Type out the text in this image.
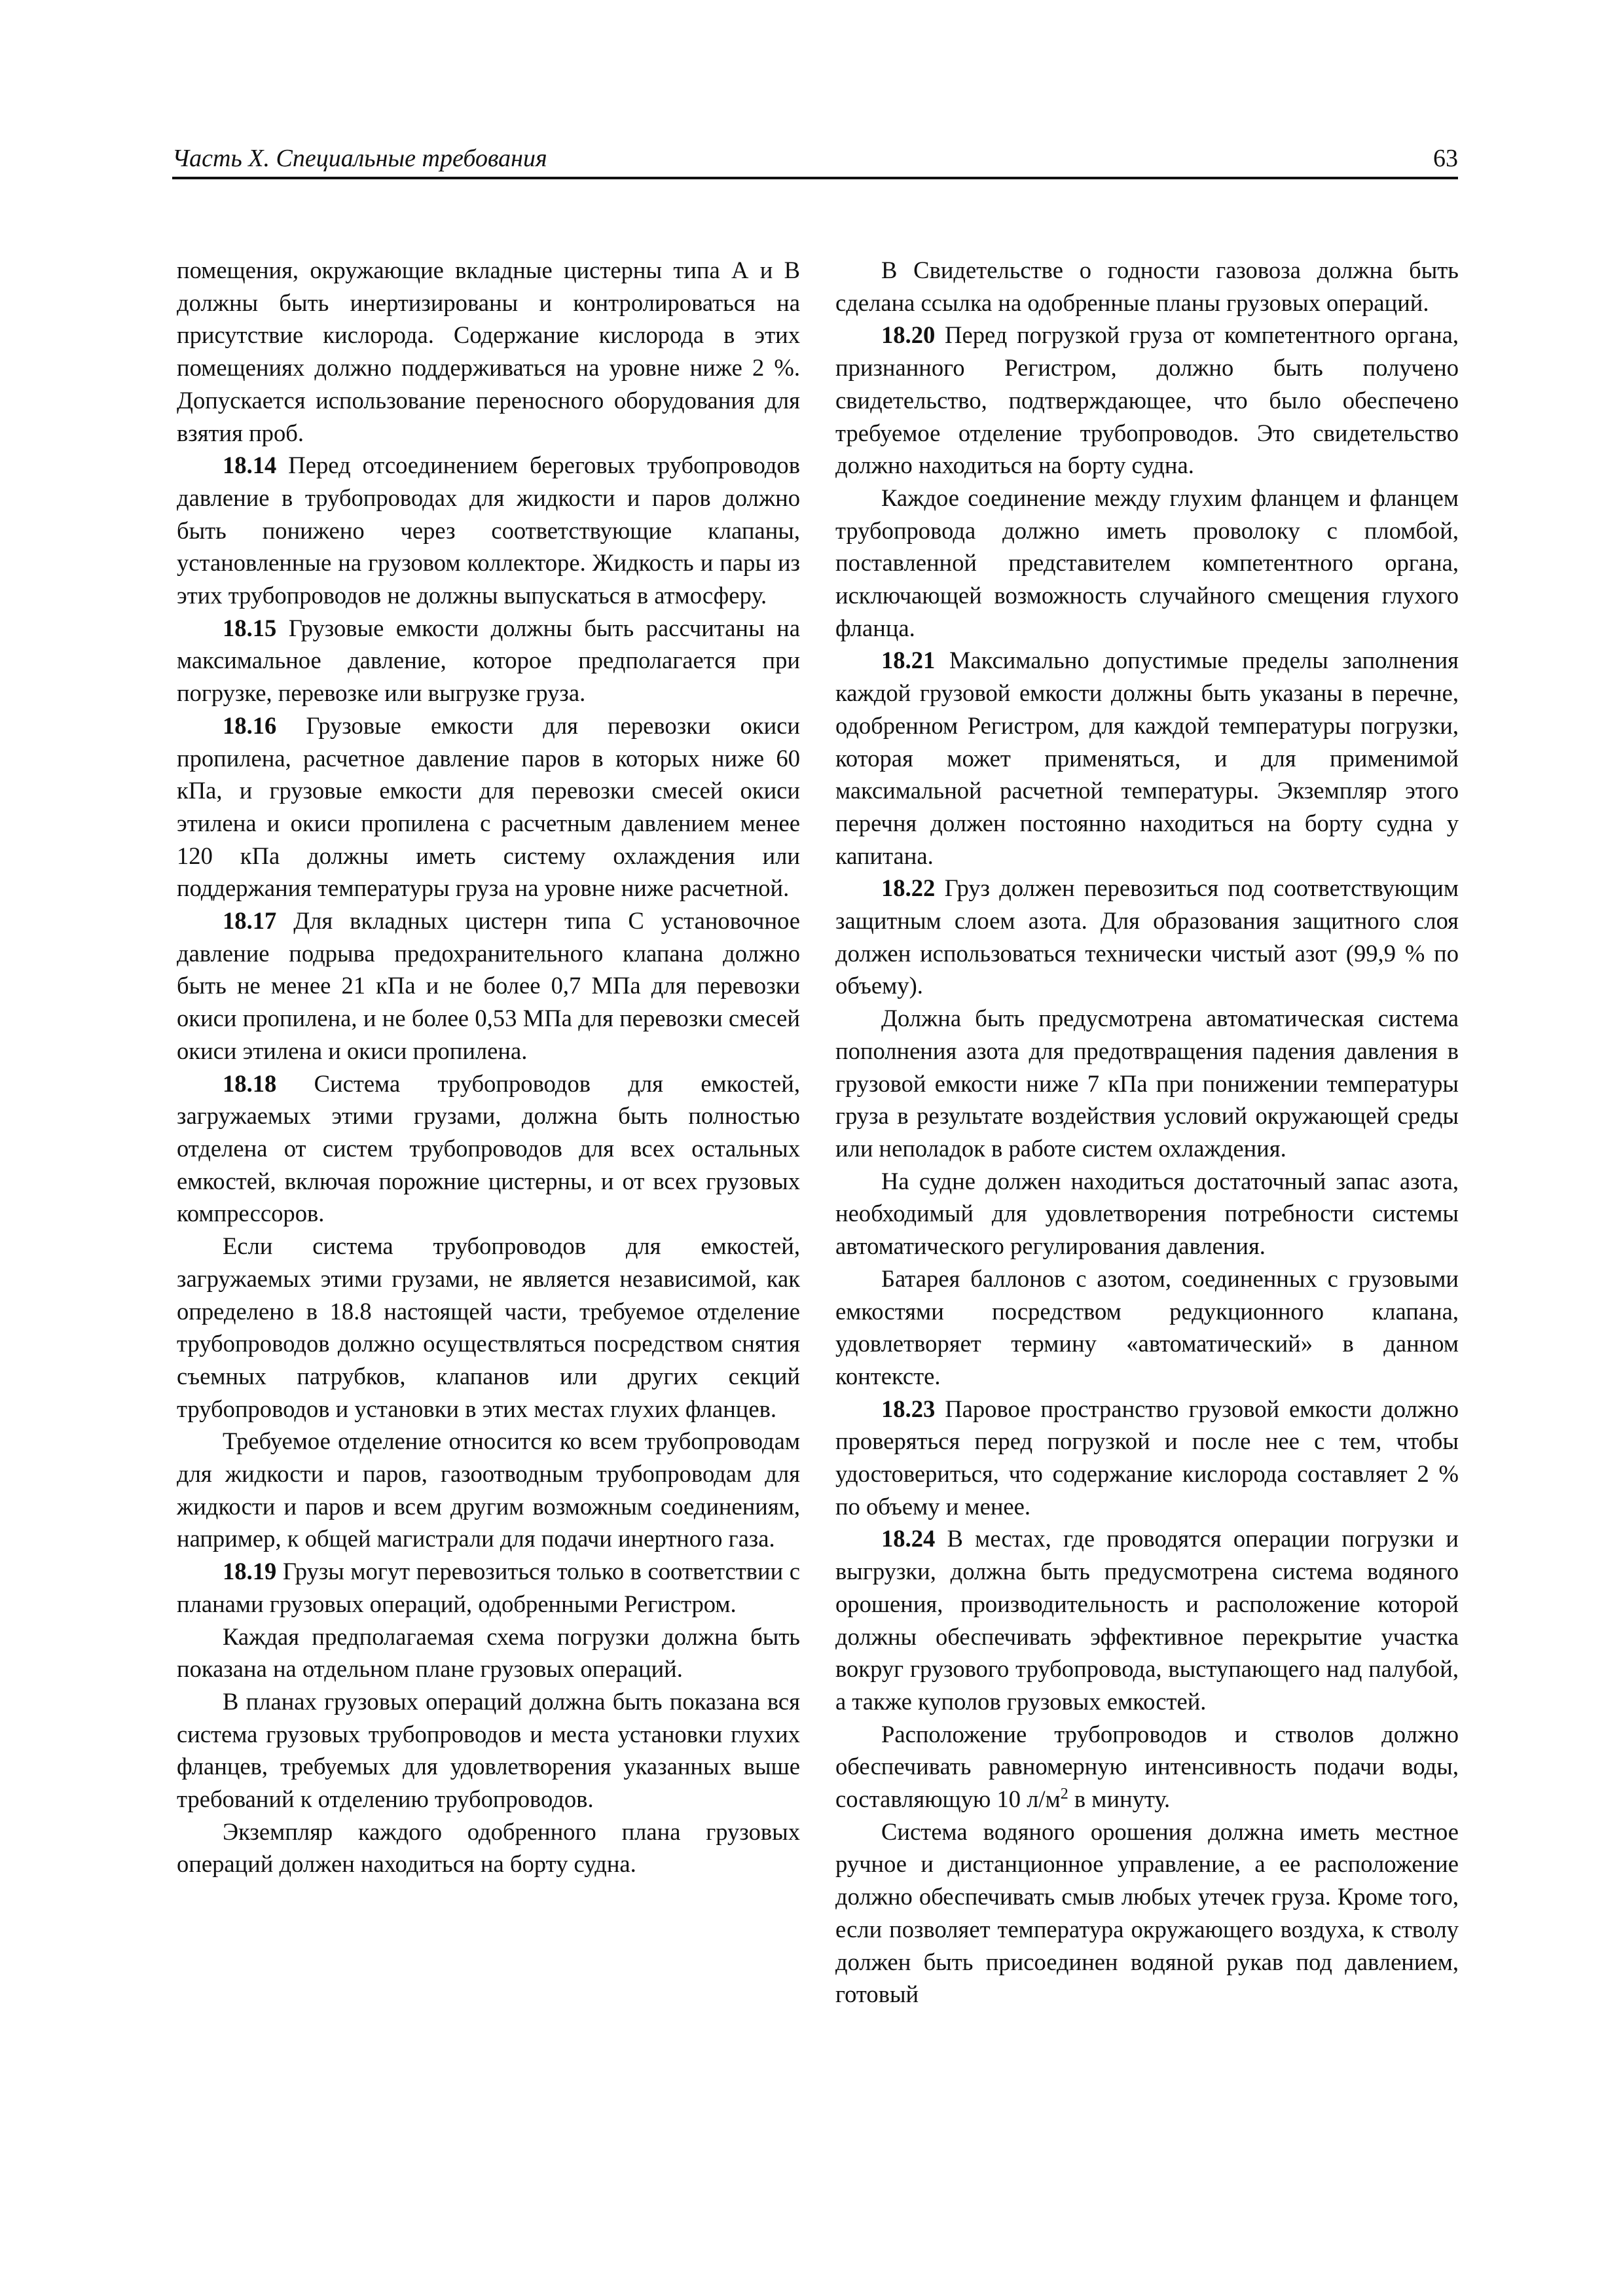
Часть X. Специальные требования	63

помещения, окружающие вкладные цистерны типа А и В должны быть инертизированы и контролироваться на присутствие кислорода. Содержание кислорода в этих помещениях должно поддерживаться на уровне ниже 2 %. Допускается использование переносного оборудования для взятия проб.

18.14 Перед отсоединением береговых трубопроводов давление в трубопроводах для жидкости и паров должно быть понижено через соответствующие клапаны, установленные на грузовом коллекторе. Жидкость и пары из этих трубопроводов не должны выпускаться в атмосферу.

18.15 Грузовые емкости должны быть рассчитаны на максимальное давление, которое предполагается при погрузке, перевозке или выгрузке груза.

18.16 Грузовые емкости для перевозки окиси пропилена, расчетное давление паров в которых ниже 60 кПа, и грузовые емкости для перевозки смесей окиси этилена и окиси пропилена с расчетным давлением менее 120 кПа должны иметь систему охлаждения или поддержания температуры груза на уровне ниже расчетной.

18.17 Для вкладных цистерн типа С установочное давление подрыва предохранительного клапана должно быть не менее 21 кПа и не более 0,7 МПа для перевозки окиси пропилена, и не более 0,53 МПа для перевозки смесей окиси этилена и окиси пропилена.

18.18 Система трубопроводов для емкостей, загружаемых этими грузами, должна быть полностью отделена от систем трубопроводов для всех остальных емкостей, включая порожние цистерны, и от всех грузовых компрессоров.

Если система трубопроводов для емкостей, загружаемых этими грузами, не является независимой, как определено в 18.8 настоящей части, требуемое отделение трубопроводов должно осуществляться посредством снятия съемных патрубков, клапанов или других секций трубопроводов и установки в этих местах глухих фланцев.

Требуемое отделение относится ко всем трубопроводам для жидкости и паров, газоотводным трубопроводам для жидкости и паров и всем другим возможным соединениям, например, к общей магистрали для подачи инертного газа.

18.19 Грузы могут перевозиться только в соответствии с планами грузовых операций, одобренными Регистром.

Каждая предполагаемая схема погрузки должна быть показана на отдельном плане грузовых операций.

В планах грузовых операций должна быть показана вся система грузовых трубопроводов и места установки глухих фланцев, требуемых для удовлетворения указанных выше требований к отделению трубопроводов.

Экземпляр каждого одобренного плана грузовых операций должен находиться на борту судна.

В Свидетельстве о годности газовоза должна быть сделана ссылка на одобренные планы грузовых операций.

18.20 Перед погрузкой груза от компетентного органа, признанного Регистром, должно быть получено свидетельство, подтверждающее, что было обеспечено требуемое отделение трубопроводов. Это свидетельство должно находиться на борту судна.

Каждое соединение между глухим фланцем и фланцем трубопровода должно иметь проволоку с пломбой, поставленной представителем компетентного органа, исключающей возможность случайного смещения глухого фланца.

18.21 Максимально допустимые пределы заполнения каждой грузовой емкости должны быть указаны в перечне, одобренном Регистром, для каждой температуры погрузки, которая может применяться, и для применимой максимальной расчетной температуры. Экземпляр этого перечня должен постоянно находиться на борту судна у капитана.

18.22 Груз должен перевозиться под соответствующим защитным слоем азота. Для образования защитного слоя должен использоваться технически чистый азот (99,9 % по объему).

Должна быть предусмотрена автоматическая система пополнения азота для предотвращения падения давления в грузовой емкости ниже 7 кПа при понижении температуры груза в результате воздействия условий окружающей среды или неполадок в работе систем охлаждения.

На судне должен находиться достаточный запас азота, необходимый для удовлетворения потребности системы автоматического регулирования давления.

Батарея баллонов с азотом, соединенных с грузовыми емкостями посредством редукционного клапана, удовлетворяет термину «автоматический» в данном контексте.

18.23 Паровое пространство грузовой емкости должно проверяться перед погрузкой и после нее с тем, чтобы удостовериться, что содержание кислорода составляет 2 % по объему и менее.

18.24 В местах, где проводятся операции погрузки и выгрузки, должна быть предусмотрена система водяного орошения, производительность и расположение которой должны обеспечивать эффективное перекрытие участка вокруг грузового трубопровода, выступающего над палубой, а также куполов грузовых емкостей.

Расположение трубопроводов и стволов должно обеспечивать равномерную интенсивность подачи воды, составляющую 10 $л/м^2$ в минуту.

Система водяного орошения должна иметь местное ручное и дистанционное управление, а ее расположение должно обеспечивать смыв любых утечек груза. Кроме того, если позволяет температура окружающего воздуха, к стволу должен быть присоединен водяной рукав под давлением, готовый
